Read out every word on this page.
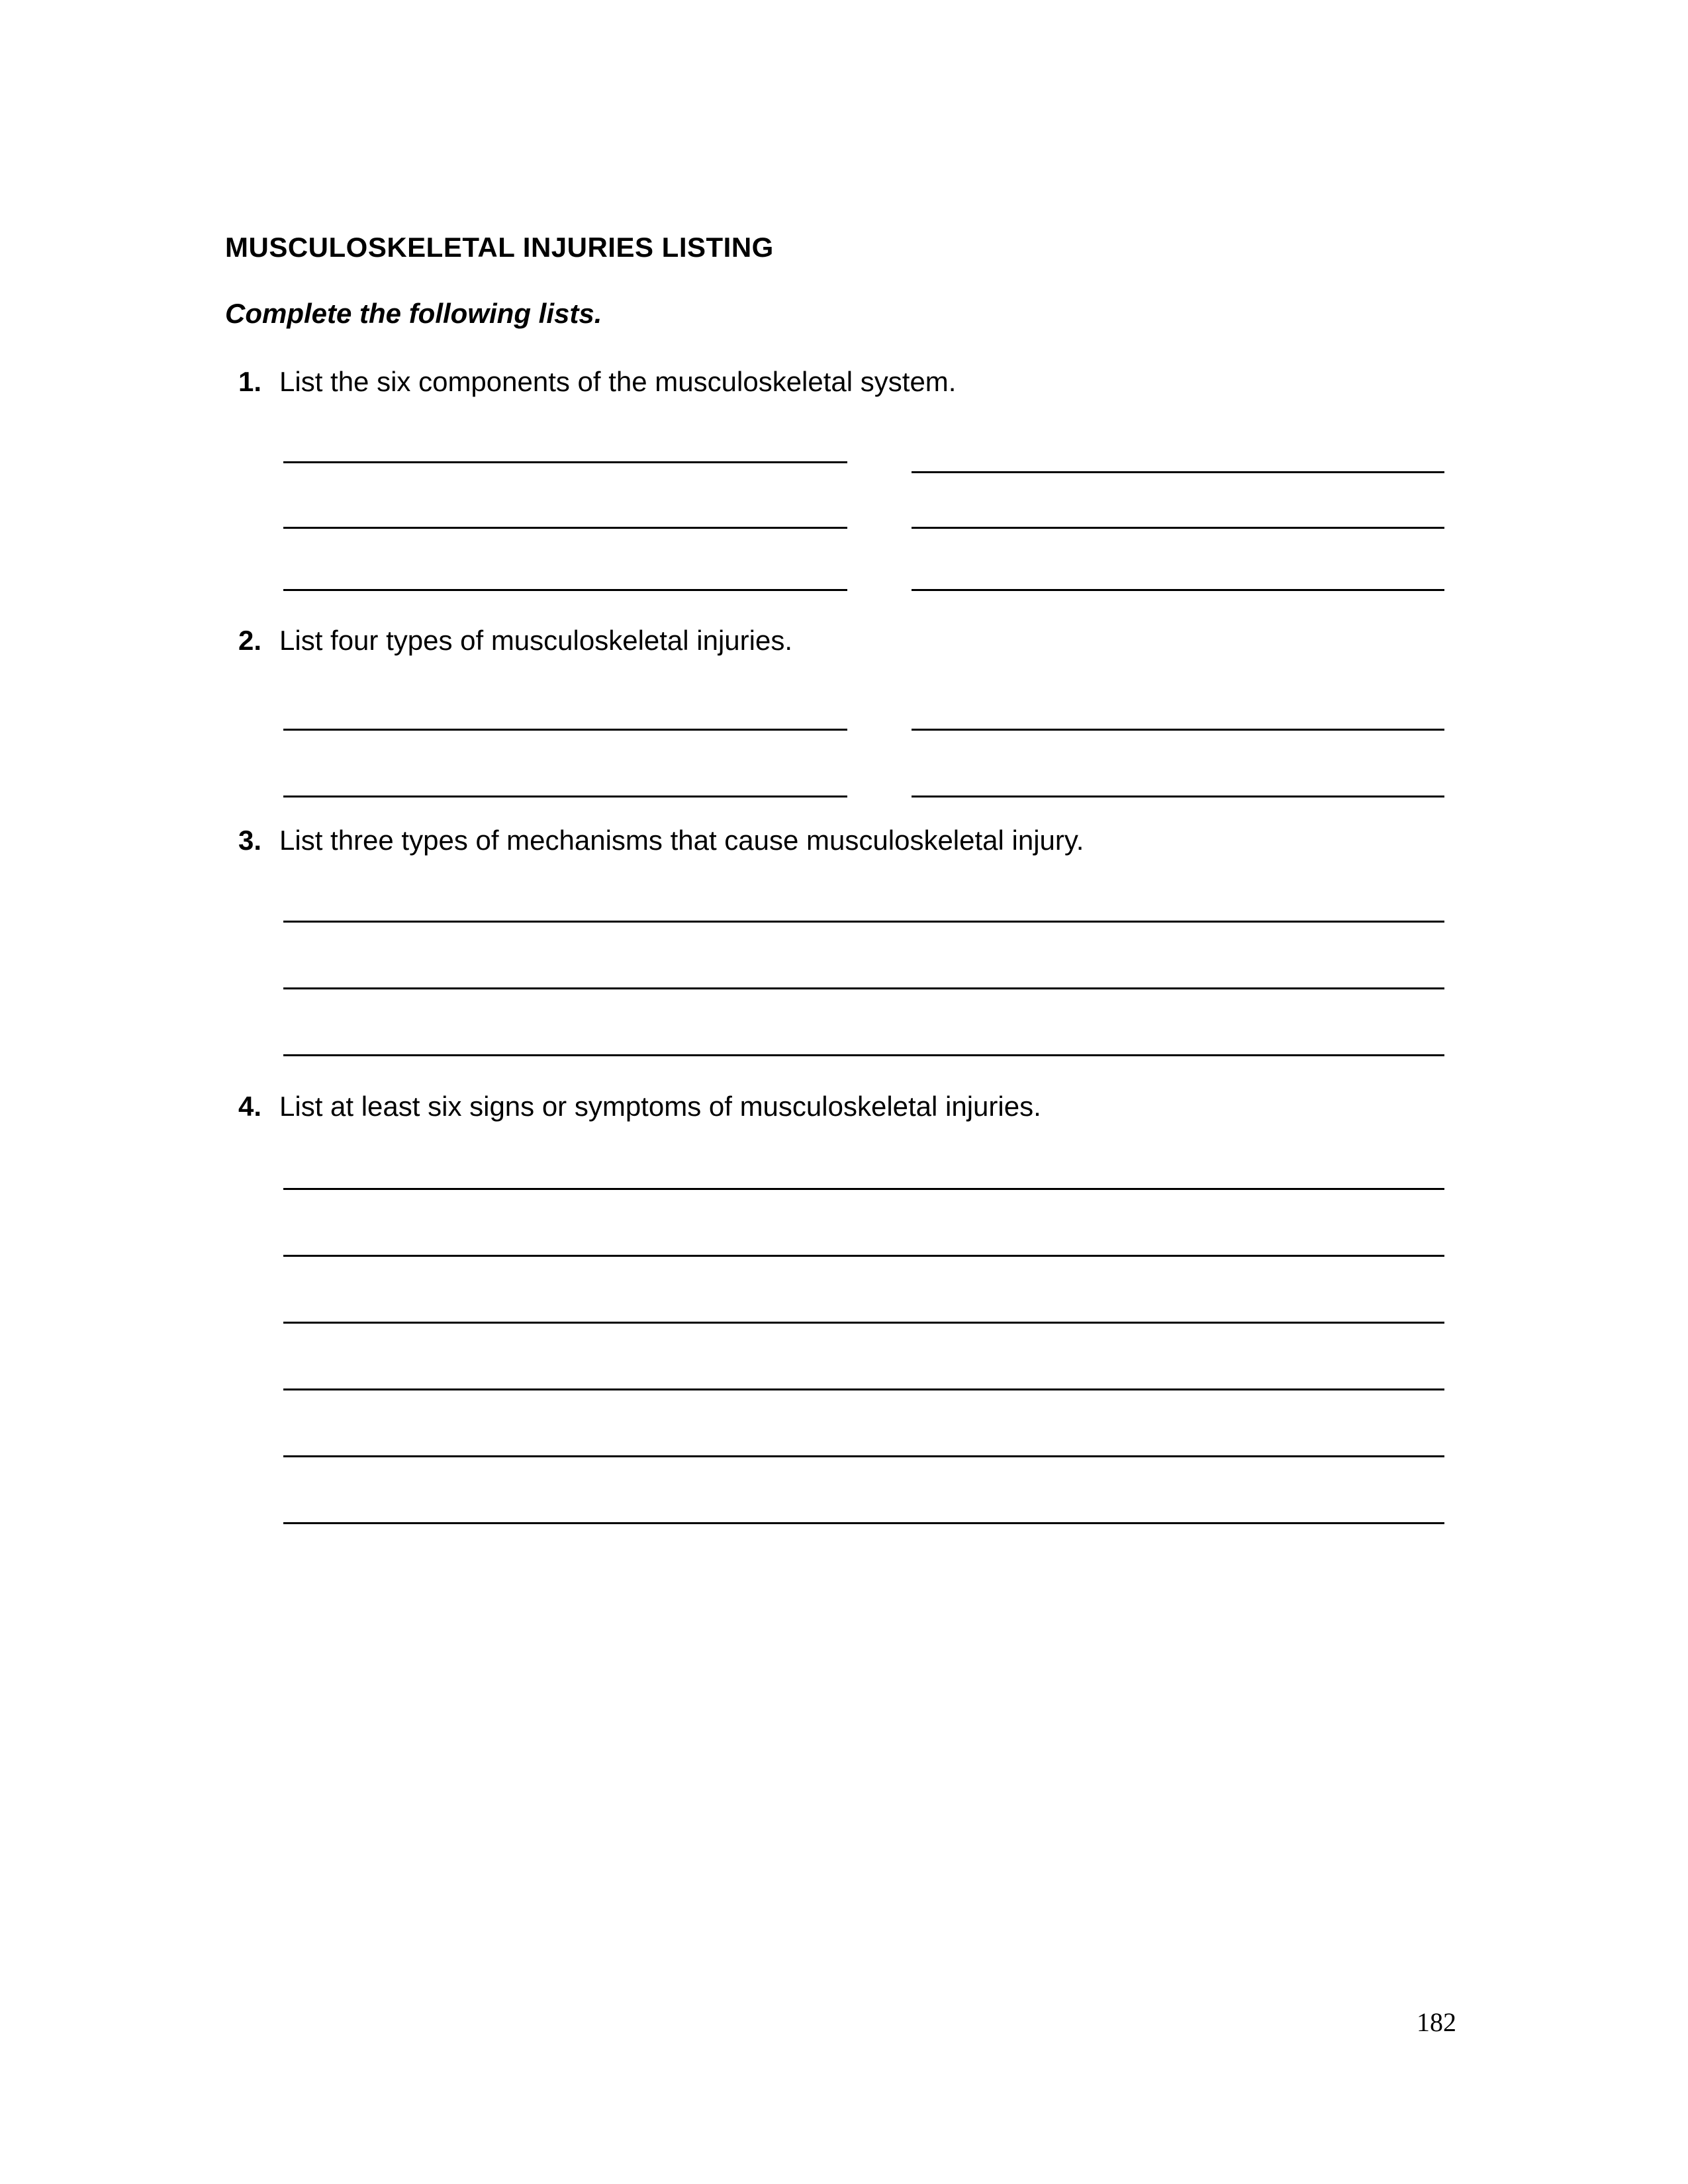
MUSCULOSKELETAL INJURIES LISTING

Complete the following lists.

1. List the six components of the musculoskeletal system.

2. List four types of musculoskeletal injuries.

3. List three types of mechanisms that cause musculoskeletal injury.

4. List at least six signs or symptoms of musculoskeletal injuries.

182
